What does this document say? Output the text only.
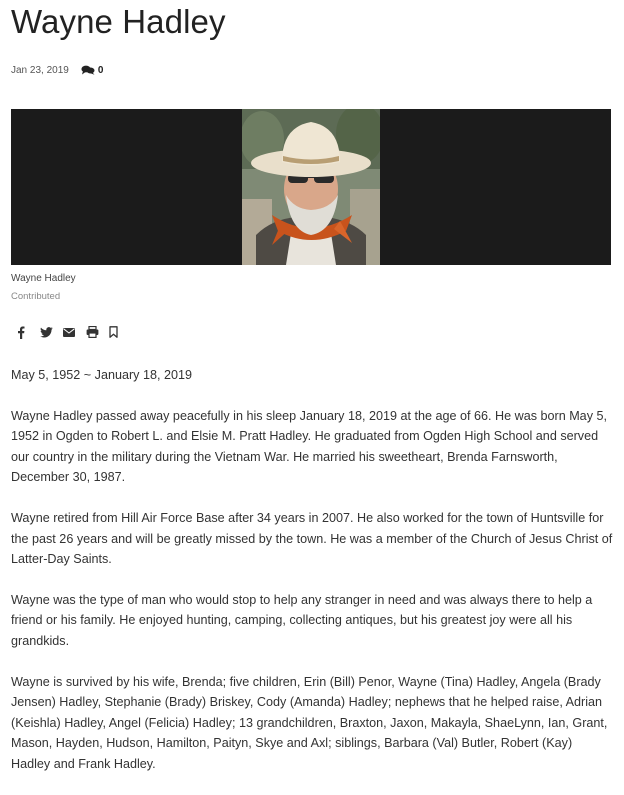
Wayne Hadley
Jan 23, 2019	0
Wayne Hadley
Contributed

May 5, 1952 ~ January 18, 2019

Wayne Hadley passed away peacefully in his sleep January 18, 2019 at the age of 66. He was born May 5, 1952 in Ogden to Robert L. and Elsie M. Pratt Hadley. He graduated from Ogden High School and served our country in the military during the Vietnam War. He married his sweetheart, Brenda Farnsworth, December 30, 1987.

Wayne retired from Hill Air Force Base after 34 years in 2007. He also worked for the town of Huntsville for the past 26 years and will be greatly missed by the town. He was a member of the Church of Jesus Christ of Latter-Day Saints.

Wayne was the type of man who would stop to help any stranger in need and was always there to help a friend or his family. He enjoyed hunting, camping, collecting antiques, but his greatest joy were all his grandkids.

Wayne is survived by his wife, Brenda; five children, Erin (Bill) Penor, Wayne (Tina) Hadley, Angela (Brady Jensen) Hadley, Stephanie (Brady) Briskey, Cody (Amanda) Hadley; nephews that he helped raise, Adrian (Keishla) Hadley, Angel (Felicia) Hadley; 13 grandchildren, Braxton, Jaxon, Makayla, ShaeLynn, Ian, Grant, Mason, Hayden, Hudson, Hamilton, Paityn, Skye and Axl; siblings, Barbara (Val) Butler, Robert (Kay) Hadley and Frank Hadley.
